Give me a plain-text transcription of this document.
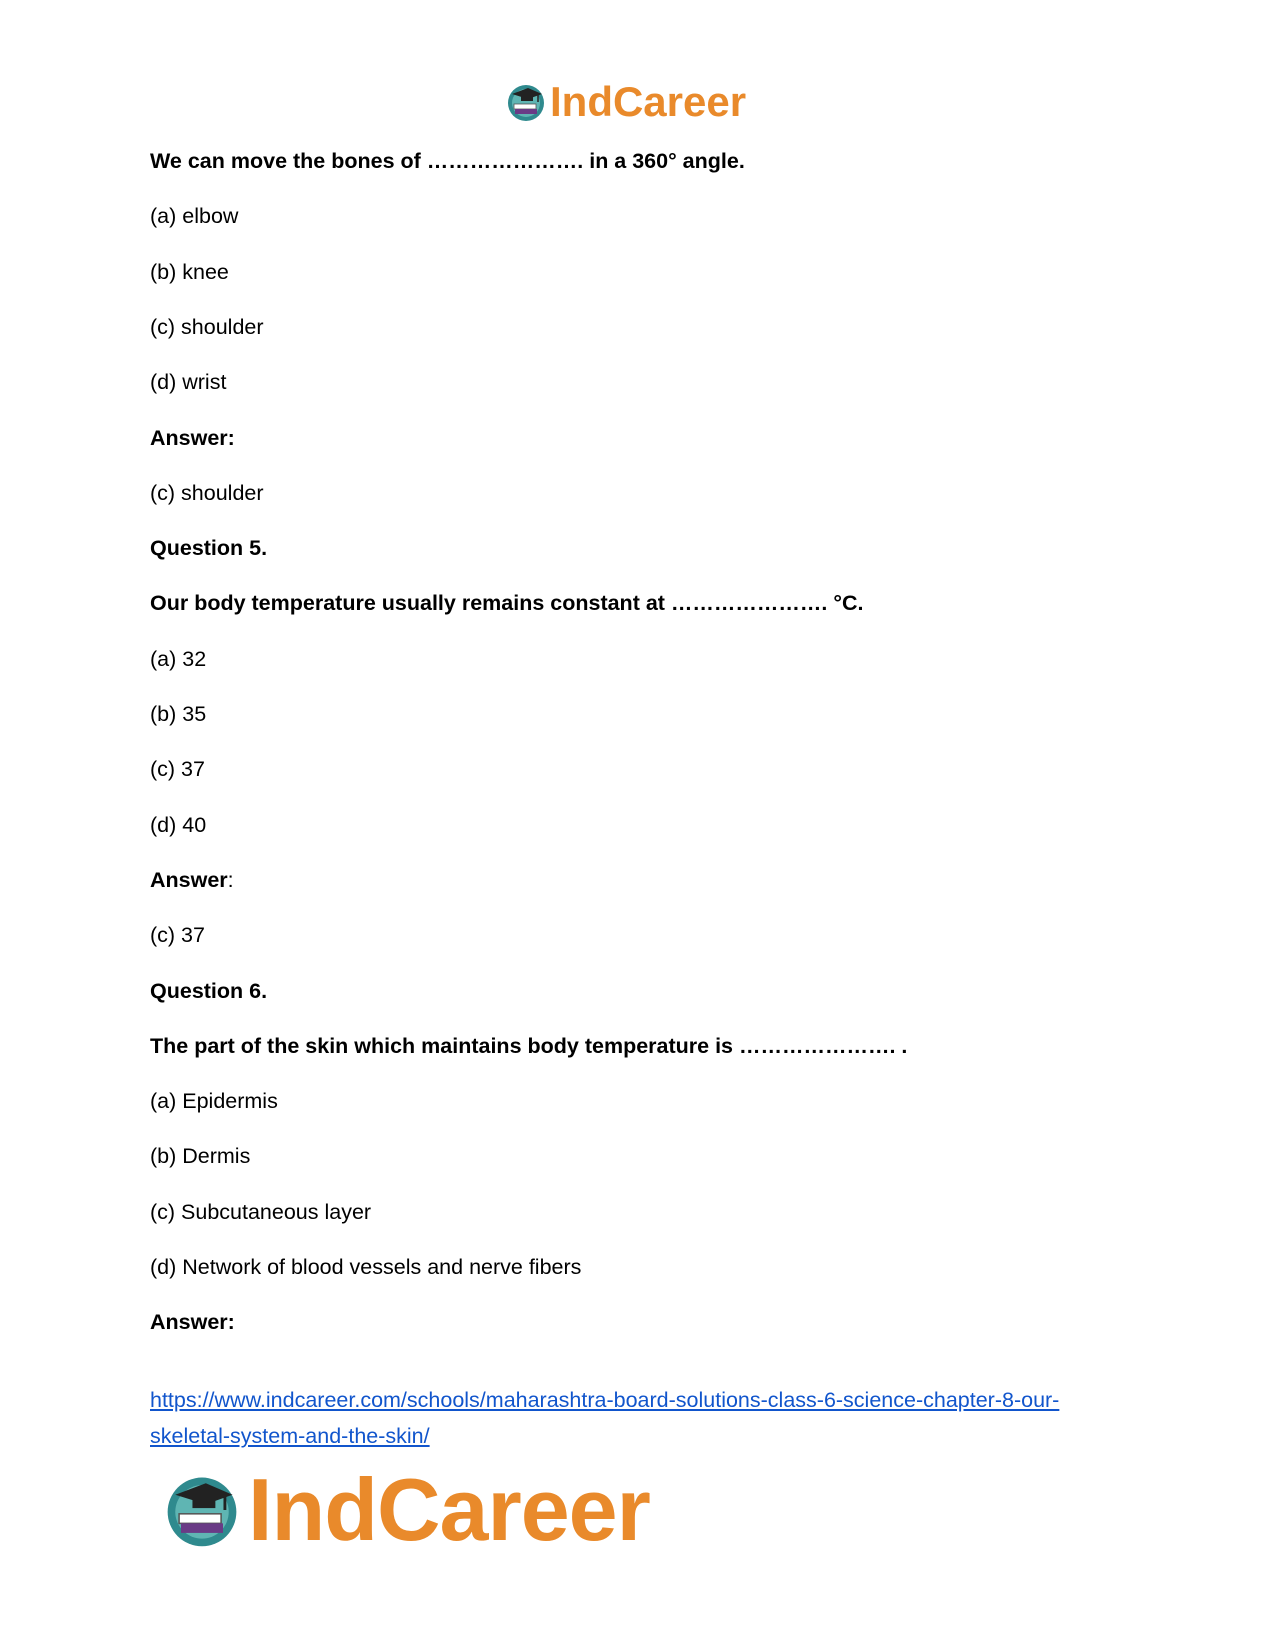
IndCareer
We can move the bones of …………………. in a 360° angle.
(a) elbow
(b) knee
(c) shoulder
(d) wrist
Answer:
(c) shoulder
Question 5.
Our body temperature usually remains constant at …………………. °C.
(a) 32
(b) 35
(c) 37
(d) 40
Answer:
(c) 37
Question 6.
The part of the skin which maintains body temperature is …………………. .
(a) Epidermis
(b) Dermis
(c) Subcutaneous layer
(d) Network of blood vessels and nerve fibers
Answer:
https://www.indcareer.com/schools/maharashtra-board-solutions-class-6-science-chapter-8-our-
skeletal-system-and-the-skin/
IndCareer
